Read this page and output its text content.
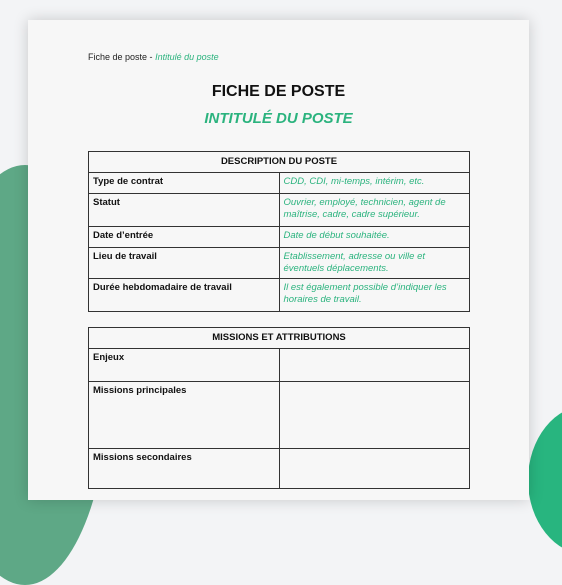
Fiche de poste - Intitulé du poste
FICHE DE POSTE
INTITULÉ DU POSTE
DESCRIPTION DU POSTE	
Type de contrat	CDD, CDI, mi-temps, intérim, etc.
Statut	Ouvrier, employé, technicien, agent de maîtrise, cadre, cadre supérieur.
Date d’entrée	Date de début souhaitée.
Lieu de travail	Etablissement, adresse ou ville et éventuels déplacements.
Durée hebdomadaire de travail	Il est également possible d’indiquer les horaires de travail.
MISSIONS ET ATTRIBUTIONS	
Enjeux	
Missions principales	
Missions secondaires	
